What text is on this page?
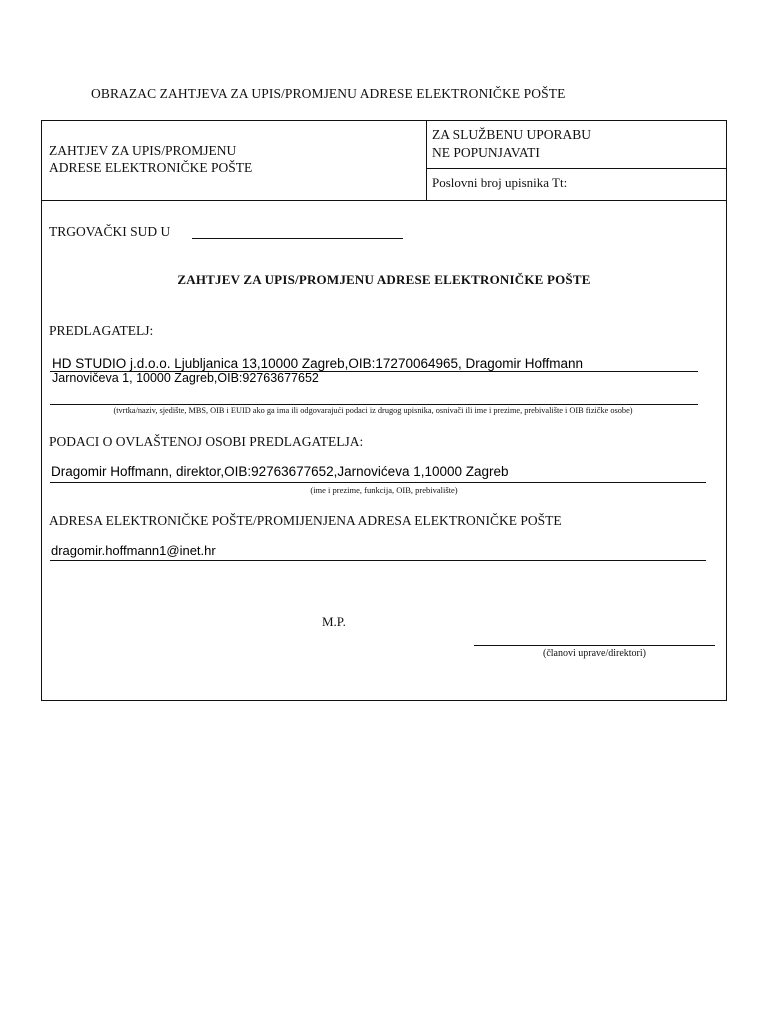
OBRAZAC ZAHTJEVA ZA UPIS/PROMJENU ADRESE ELEKTRONIČKE POŠTE
ZAHTJEV ZA UPIS/PROMJENU
ADRESE ELEKTRONIČKE POŠTE
ZA SLUŽBENU UPORABU
NE POPUNJAVATI
Poslovni broj upisnika Tt:
TRGOVAČKI SUD U
ZAHTJEV ZA UPIS/PROMJENU ADRESE ELEKTRONIČKE POŠTE
PREDLAGATELJ:
HD STUDIO j.d.o.o. Ljubljanica 13,10000 Zagreb,OIB:17270064965, Dragomir Hoffmann
Jarnovičeva 1, 10000 Zagreb,OIB:92763677652
(tvrtka/naziv, sjedište, MBS, OIB i EUID ako ga ima ili odgovarajući podaci iz drugog upisnika, osnivači ili ime i prezime, prebivalište i OIB fizičke osobe)
PODACI O OVLAŠTENOJ OSOBI PREDLAGATELJA:
Dragomir Hoffmann, direktor,OIB:92763677652,Jarnovićeva 1,10000 Zagreb
(ime i prezime, funkcija, OIB, prebivalište)
ADRESA ELEKTRONIČKE POŠTE/PROMIJENJENA ADRESA ELEKTRONIČKE POŠTE
dragomir.hoffmann1@inet.hr
M.P.
(članovi uprave/direktori)
